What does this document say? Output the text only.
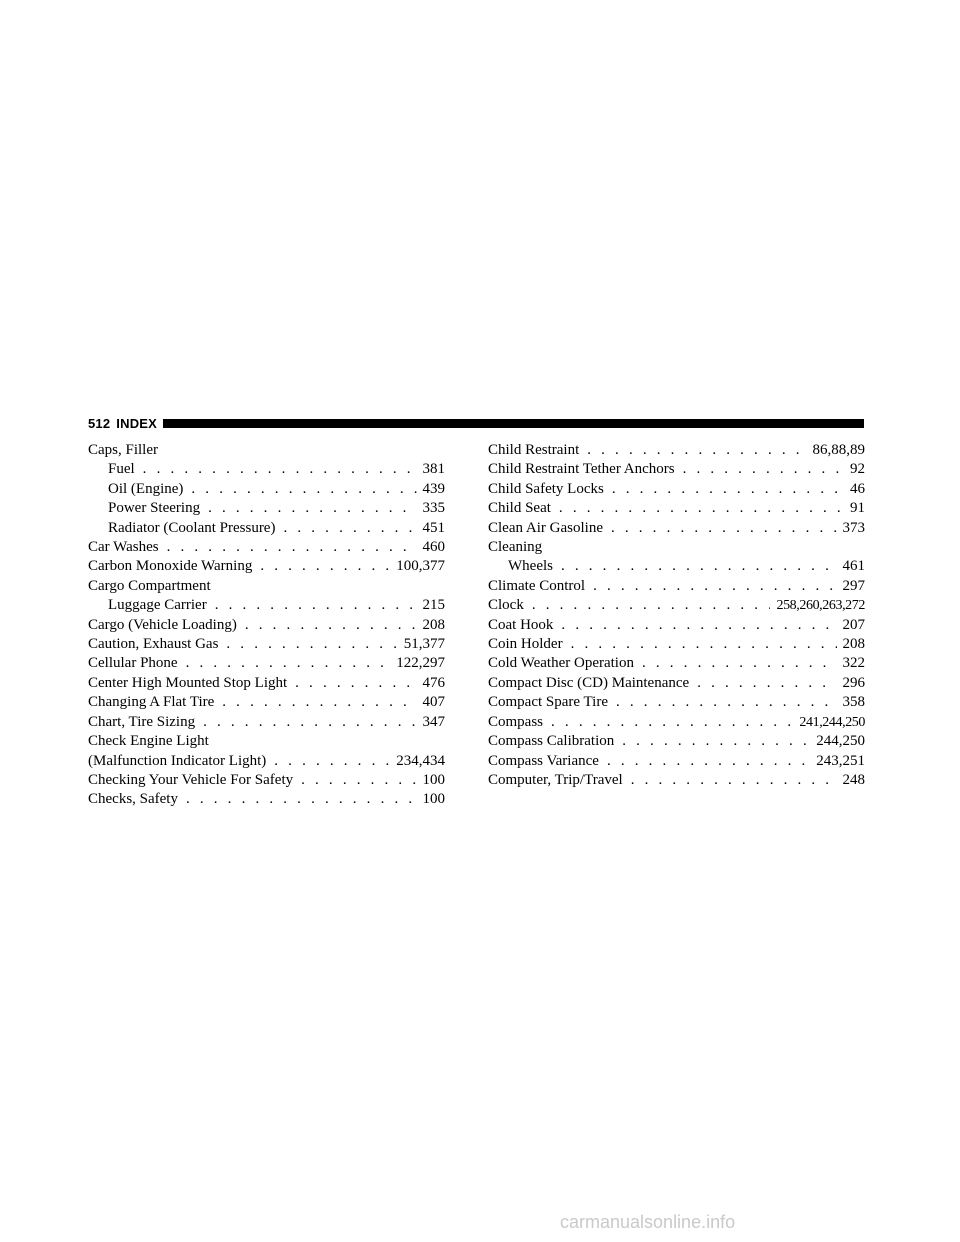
512 INDEX
Caps, Filler
Fuel . . .	381
Oil (Engine) . . .	439
Power Steering . . .	335
Radiator (Coolant Pressure) . . .	451
Car Washes . . .	460
Carbon Monoxide Warning . . .	100,377
Cargo Compartment
Luggage Carrier . . .	215
Cargo (Vehicle Loading) . . .	208
Caution, Exhaust Gas . . .	51,377
Cellular Phone . . .	122,297
Center High Mounted Stop Light . . .	476
Changing A Flat Tire . . .	407
Chart, Tire Sizing . . .	347
Check Engine Light
(Malfunction Indicator Light) . . .	234,434
Checking Your Vehicle For Safety . . .	100
Checks, Safety . . .	100
Child Restraint . . .	86,88,89
Child Restraint Tether Anchors . . .	92
Child Safety Locks . . .	46
Child Seat . . .	91
Clean Air Gasoline . . .	373
Cleaning
Wheels . . .	461
Climate Control . . .	297
Clock . . .	258,260,263,272
Coat Hook . . .	207
Coin Holder . . .	208
Cold Weather Operation . . .	322
Compact Disc (CD) Maintenance . . .	296
Compact Spare Tire . . .	358
Compass . . .	241,244,250
Compass Calibration . . .	244,250
Compass Variance . . .	243,251
Computer, Trip/Travel . . .	248
carmanualsonline.info
